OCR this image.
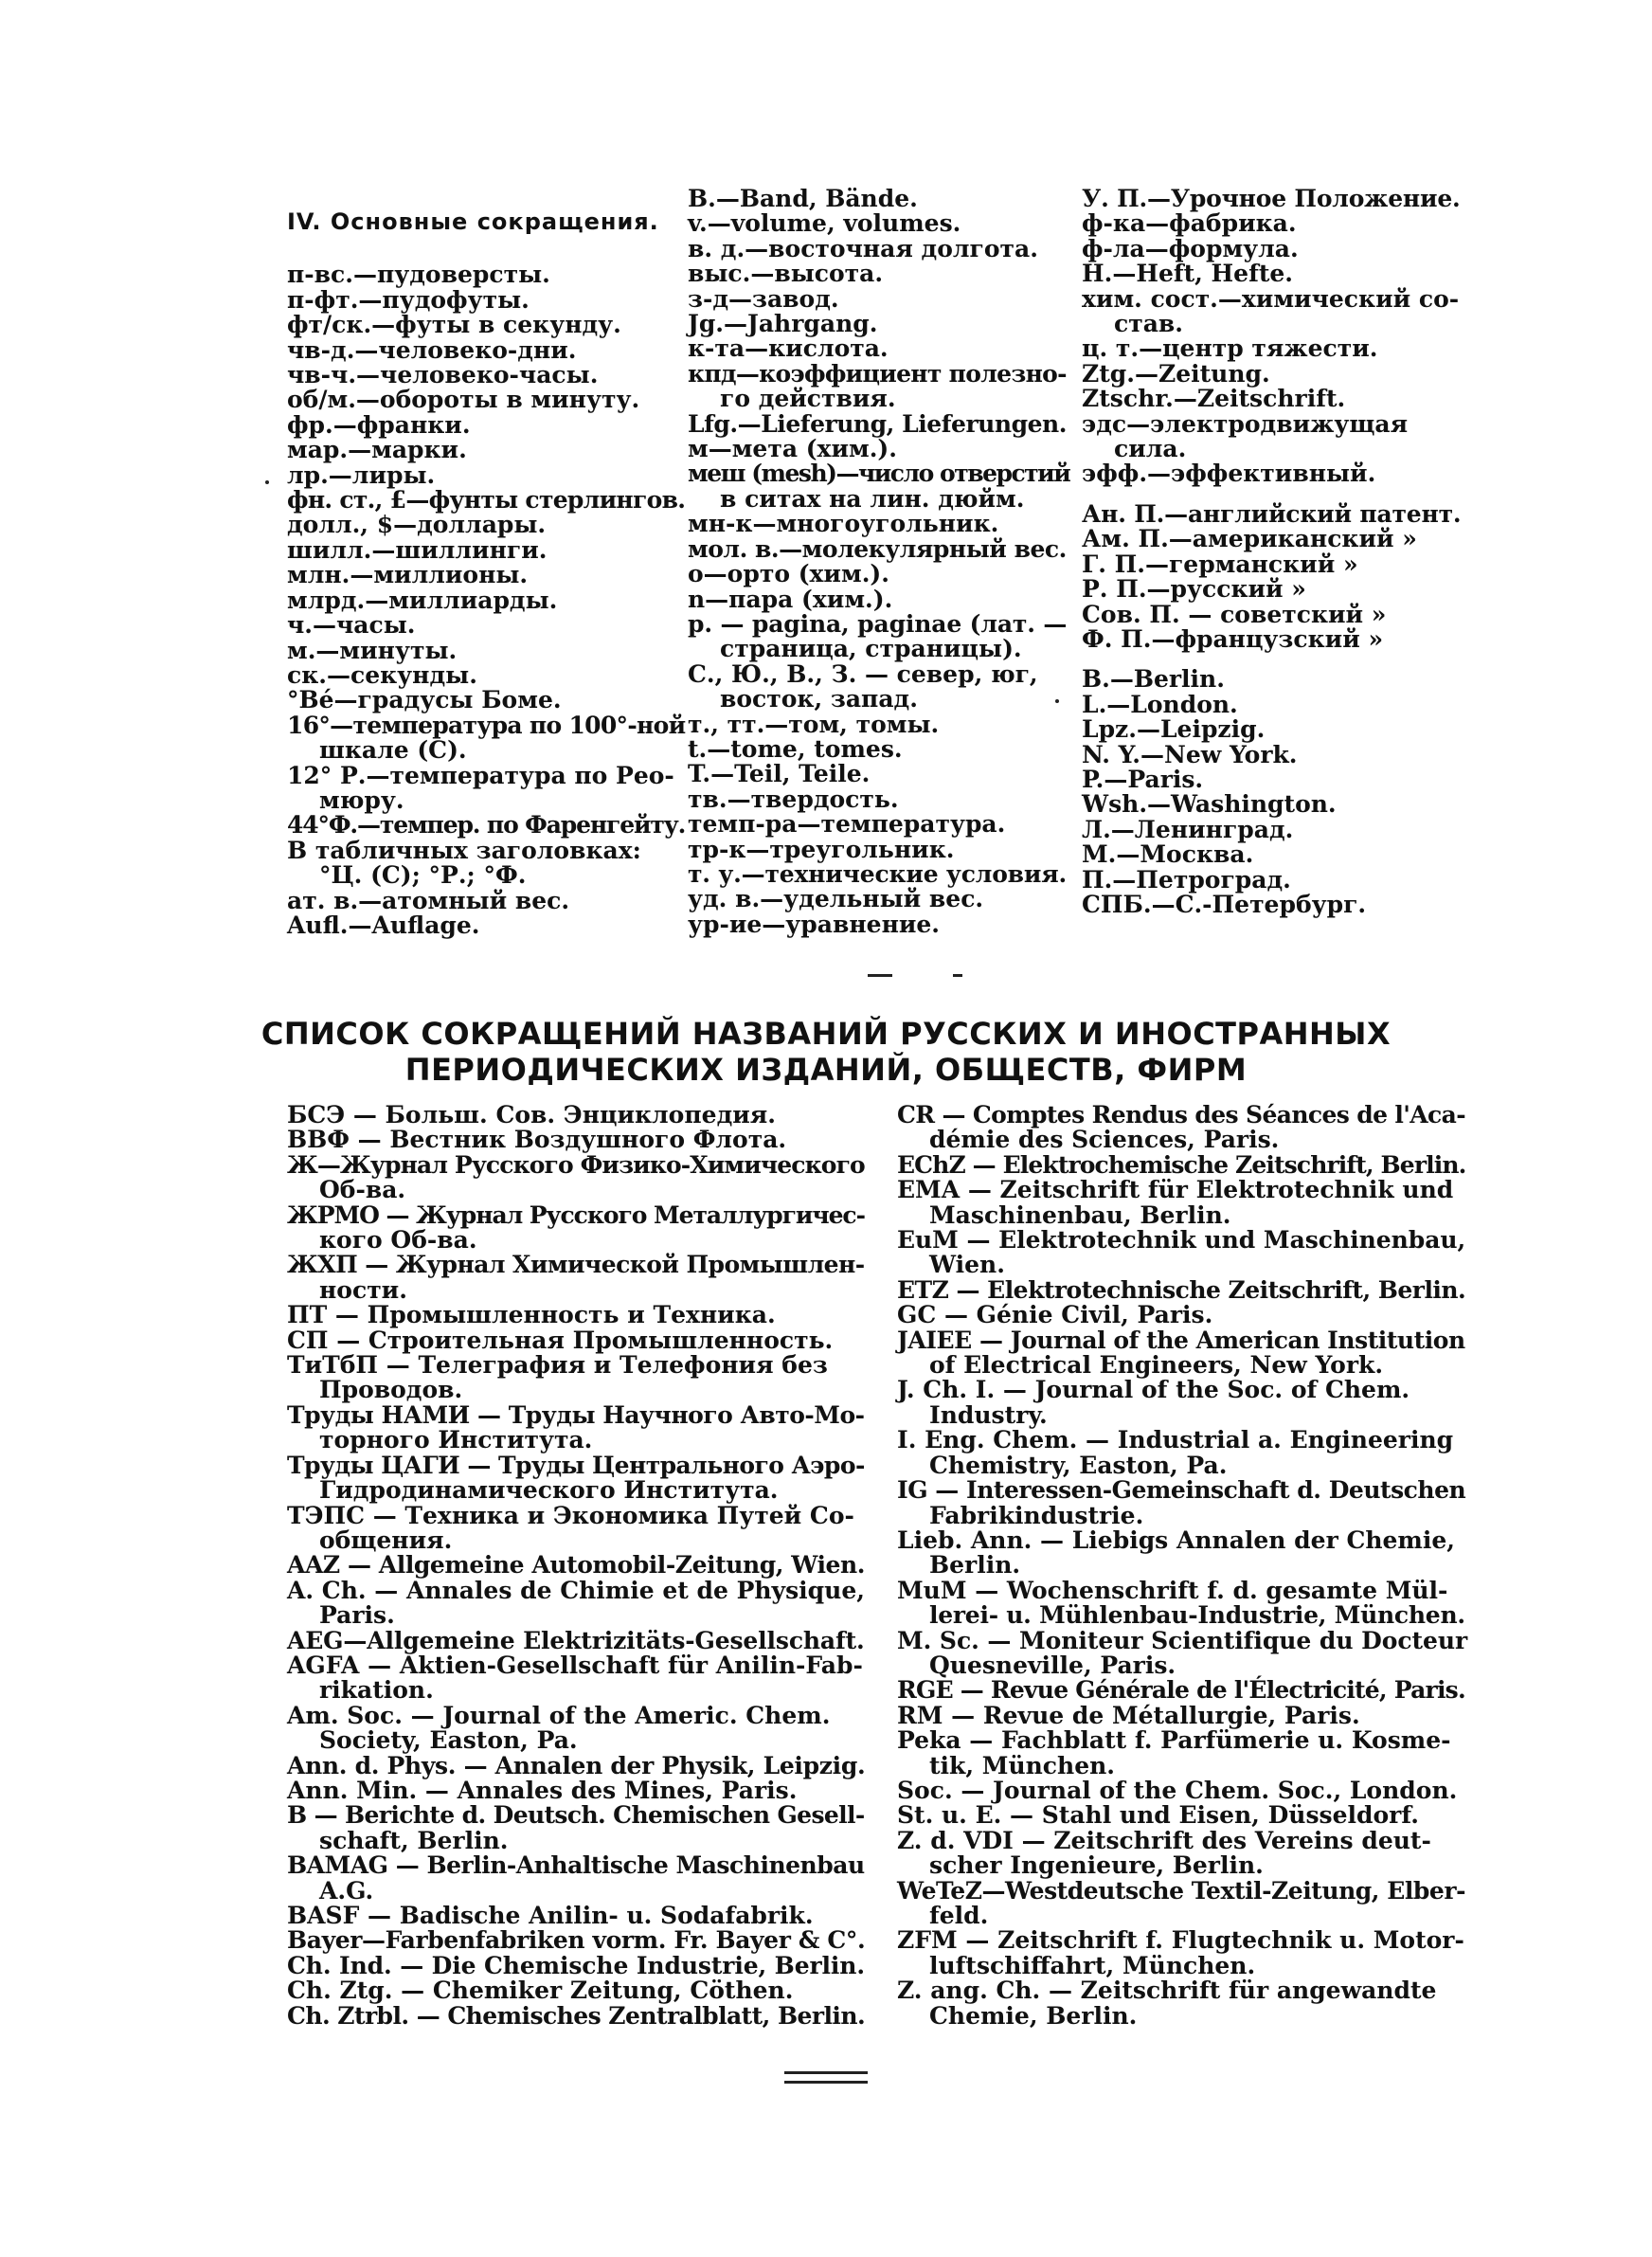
IV. Основные сокращения.
п-вс.—пудоверсты.
п-фт.—пудофуты.
фт/ск.—футы в секунду.
чв-д.—человеко-дни.
чв-ч.—человеко-часы.
об/м.—обороты в минуту.
фр.—франки.
мар.—марки.
лр.—лиры.
фн. ст., £—фунты стерлингов.
долл., $—доллары.
шилл.—шиллинги.
млн.—миллионы.
млрд.—миллиарды.
ч.—часы.
м.—минуты.
ск.—секунды.
°Bé—градусы Боме.
16°—температура по 100°-ной
шкале (C).
12° Р.—температура по Рео-
мюру.
44°Ф.—темпер. по Фаренгейту.
В табличных заголовках:
°Ц. (C); °Р.; °Ф.
ат. в.—атомный вес.
Aufl.—Auflage.
B.—Band, Bände.
v.—volume, volumes.
в. д.—восточная долгота.
выс.—высота.
з-д—завод.
Jg.—Jahrgang.
к-та—кислота.
кпд—коэффициент полезно-
го действия.
Lfg.—Lieferung, Lieferungen.
м—мета (хим.).
меш (mesh)—число отверстий
в ситах на лин. дюйм.
мн-к—многоугольник.
мол. в.—молекулярный вес.
о—орто (хим.).
n—пара (хим.).
p. — pagina, paginae (лат. —
страница, страницы).
С., Ю., В., З. — север, юг,
восток, запад.
т., тт.—том, томы.
t.—tome, tomes.
T.—Teil, Teile.
тв.—твердость.
темп-ра—температура.
тр-к—треугольник.
т. у.—технические условия.
уд. в.—удельный вес.
ур-ие—уравнение.
У. П.—Урочное Положение.
ф-ка—фабрика.
ф-ла—формула.
Н.—Heft, Hefte.
хим. сост.—химический со-
став.
ц. т.—центр тяжести.
Ztg.—Zeitung.
Ztschr.—Zeitschrift.
эдс—электродвижущая
сила.
эфф.—эффективный.
Ан. П.—английский патент.
Ам. П.—американский »
Г. П.—германский »
Р. П.—русский »
Сов. П. — советский »
Ф. П.—французский »
B.—Berlin.
L.—London.
Lpz.—Leipzig.
N. Y.—New York.
P.—Paris.
Wsh.—Washington.
Л.—Ленинград.
М.—Москва.
П.—Петроград.
СПБ.—С.-Петербург.
СПИСОК СОКРАЩЕНИЙ НАЗВАНИЙ РУССКИХ И ИНОСТРАННЫХ
ПЕРИОДИЧЕСКИХ ИЗДАНИЙ, ОБЩЕСТВ, ФИРМ
БСЭ — Больш. Сов. Энциклопедия.
ВВФ — Вестник Воздушного Флота.
Ж—Журнал Русского Физико-Химического
Об-ва.
ЖРМО — Журнал Русского Металлургичес-
кого Об-ва.
ЖХП — Журнал Химической Промышлен-
ности.
ПТ — Промышленность и Техника.
СП — Строительная Промышленность.
ТиТбП — Телеграфия и Телефония без
Проводов.
Труды НАМИ — Труды Научного Авто-Мо-
торного Института.
Труды ЦАГИ — Труды Центрального Аэро-
Гидродинамического Института.
ТЭПС — Техника и Экономика Путей Со-
общения.
AAZ — Allgemeine Automobil-Zeitung, Wien.
A. Ch. — Annales de Chimie et de Physique,
Paris.
AEG—Allgemeine Elektrizitäts-Gesellschaft.
AGFA — Aktien-Gesellschaft für Anilin-Fab-
rikation.
Am. Soc. — Journal of the Americ. Chem.
Society, Easton, Pa.
Ann. d. Phys. — Annalen der Physik, Leipzig.
Ann. Min. — Annales des Mines, Paris.
B — Berichte d. Deutsch. Chemischen Gesell-
schaft, Berlin.
BAMAG — Berlin-Anhaltische Maschinenbau
A.G.
BASF — Badische Anilin- u. Sodafabrik.
Bayer—Farbenfabriken vorm. Fr. Bayer & C°.
Ch. Ind. — Die Chemische Industrie, Berlin.
Ch. Ztg. — Chemiker Zeitung, Cöthen.
Ch. Ztrbl. — Chemisches Zentralblatt, Berlin.
CR — Comptes Rendus des Séances de l'Aca-
démie des Sciences, Paris.
EChZ — Elektrochemische Zeitschrift, Berlin.
EMA — Zeitschrift für Elektrotechnik und
Maschinenbau, Berlin.
EuM — Elektrotechnik und Maschinenbau,
Wien.
ETZ — Elektrotechnische Zeitschrift, Berlin.
GC — Génie Civil, Paris.
JAIEE — Journal of the American Institution
of Electrical Engineers, New York.
J. Ch. I. — Journal of the Soc. of Chem.
Industry.
I. Eng. Chem. — Industrial a. Engineering
Chemistry, Easton, Pa.
IG — Interessen-Gemeinschaft d. Deutschen
Fabrikindustrie.
Lieb. Ann. — Liebigs Annalen der Chemie,
Berlin.
MuM — Wochenschrift f. d. gesamte Mül-
lerei- u. Mühlenbau-Industrie, München.
M. Sc. — Moniteur Scientifique du Docteur
Quesneville, Paris.
RGE — Revue Générale de l'Électricité, Paris.
RM — Revue de Métallurgie, Paris.
Peka — Fachblatt f. Parfümerie u. Kosme-
tik, München.
Soc. — Journal of the Chem. Soc., London.
St. u. E. — Stahl und Eisen, Düsseldorf.
Z. d. VDI — Zeitschrift des Vereins deut-
scher Ingenieure, Berlin.
WeTeZ—Westdeutsche Textil-Zeitung, Elber-
feld.
ZFM — Zeitschrift f. Flugtechnik u. Motor-
luftschiffahrt, München.
Z. ang. Ch. — Zeitschrift für angewandte
Chemie, Berlin.
